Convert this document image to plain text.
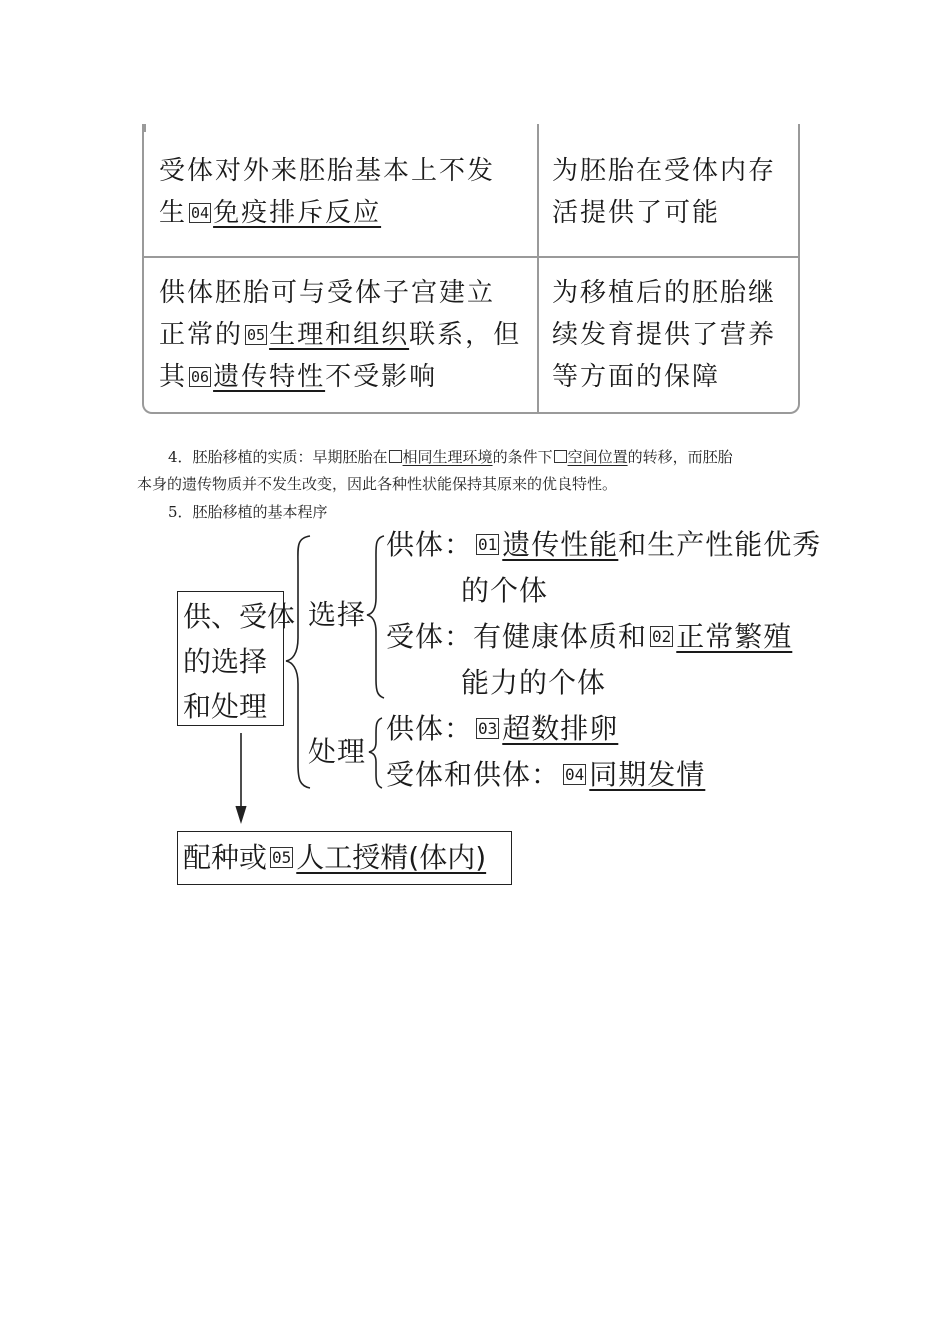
受体对外来胚胎基本上不发
生 04 免疫排斥反应
为胚胎在受体内存
活提供了可能
供体胚胎可与受体子宫建立
正常的 05 生理和组织联系，但
其 06 遗传特性不受影响
为移植后的胚胎继
续发育提供了营养
等方面的保障
4．胚胎移植的实质：早期胚胎在 相同生理环境的条件下 空间位置的转移，而胚胎
本身的遗传物质并不发生改变，因此各种性状能保持其原来的优良特性。
5．胚胎移植的基本程序
供、受体
的选择
和处理
选择
处理
供体： 01 遗传性能和生产性能优秀
的个体
受体：有健康体质和 02 正常繁殖
能力的个体
供体： 03 超数排卵
受体和供体： 04 同期发情
配种或 05 人工授精(体内)
